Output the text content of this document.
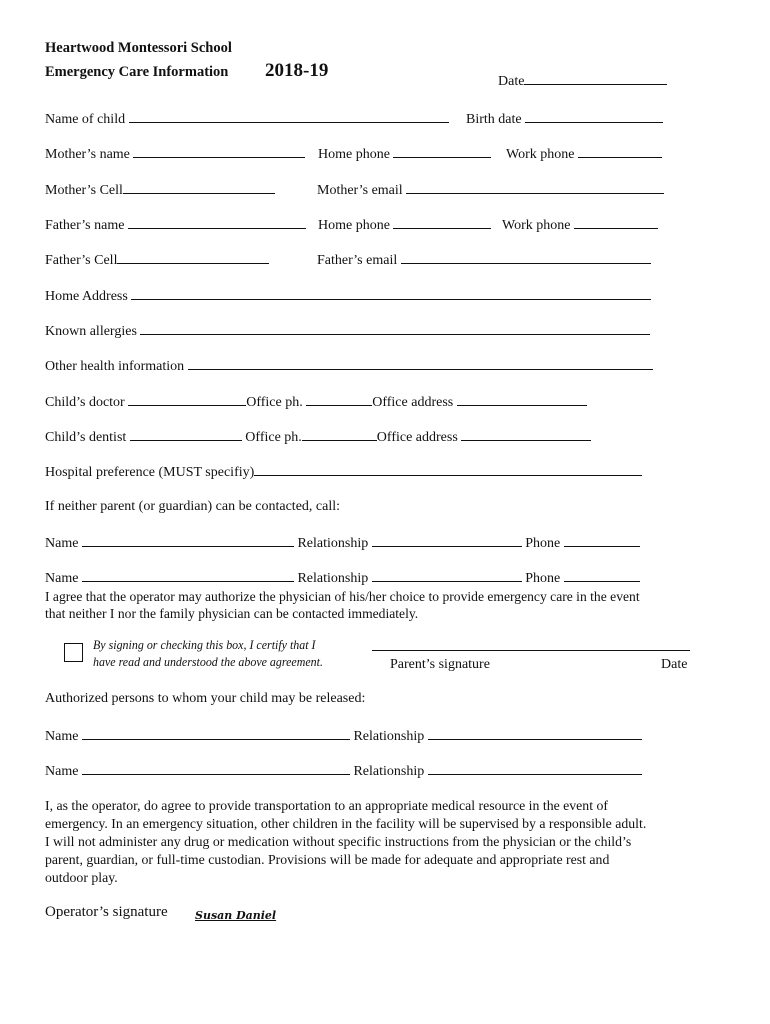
Heartwood Montessori School
Emergency Care Information 2018-19
Date
Name of child	Birth date
Mother’s name	Home phone	Work phone
Mother’s Cell	Mother’s email
Father’s name	Home phone	Work phone
Father’s Cell	Father’s email
Home Address
Known allergies
Other health information
Child’s doctor	Office ph.	Office address
Child’s dentist	Office ph.	Office address
Hospital preference (MUST specifiy)
If neither parent (or guardian) can be contacted, call:
Name	Relationship	Phone
Name	Relationship	Phone
I agree that the operator may authorize the physician of his/her choice to provide emergency care in the event
that neither I nor the family physician can be contacted immediately.
By signing or checking this box, I certify that I
have read and understood the above agreement.	Parent’s signature	Date
Authorized persons to whom your child may be released:
Name	Relationship
Name	Relationship
I, as the operator, do agree to provide transportation to an appropriate medical resource in the event of
emergency. In an emergency situation, other children in the facility will be supervised by a responsible adult.
I will not administer any drug or medication without specific instructions from the physician or the child’s
parent, guardian, or full-time custodian. Provisions will be made for adequate and appropriate rest and
outdoor play.
Operator’s signature Susan Daniel
